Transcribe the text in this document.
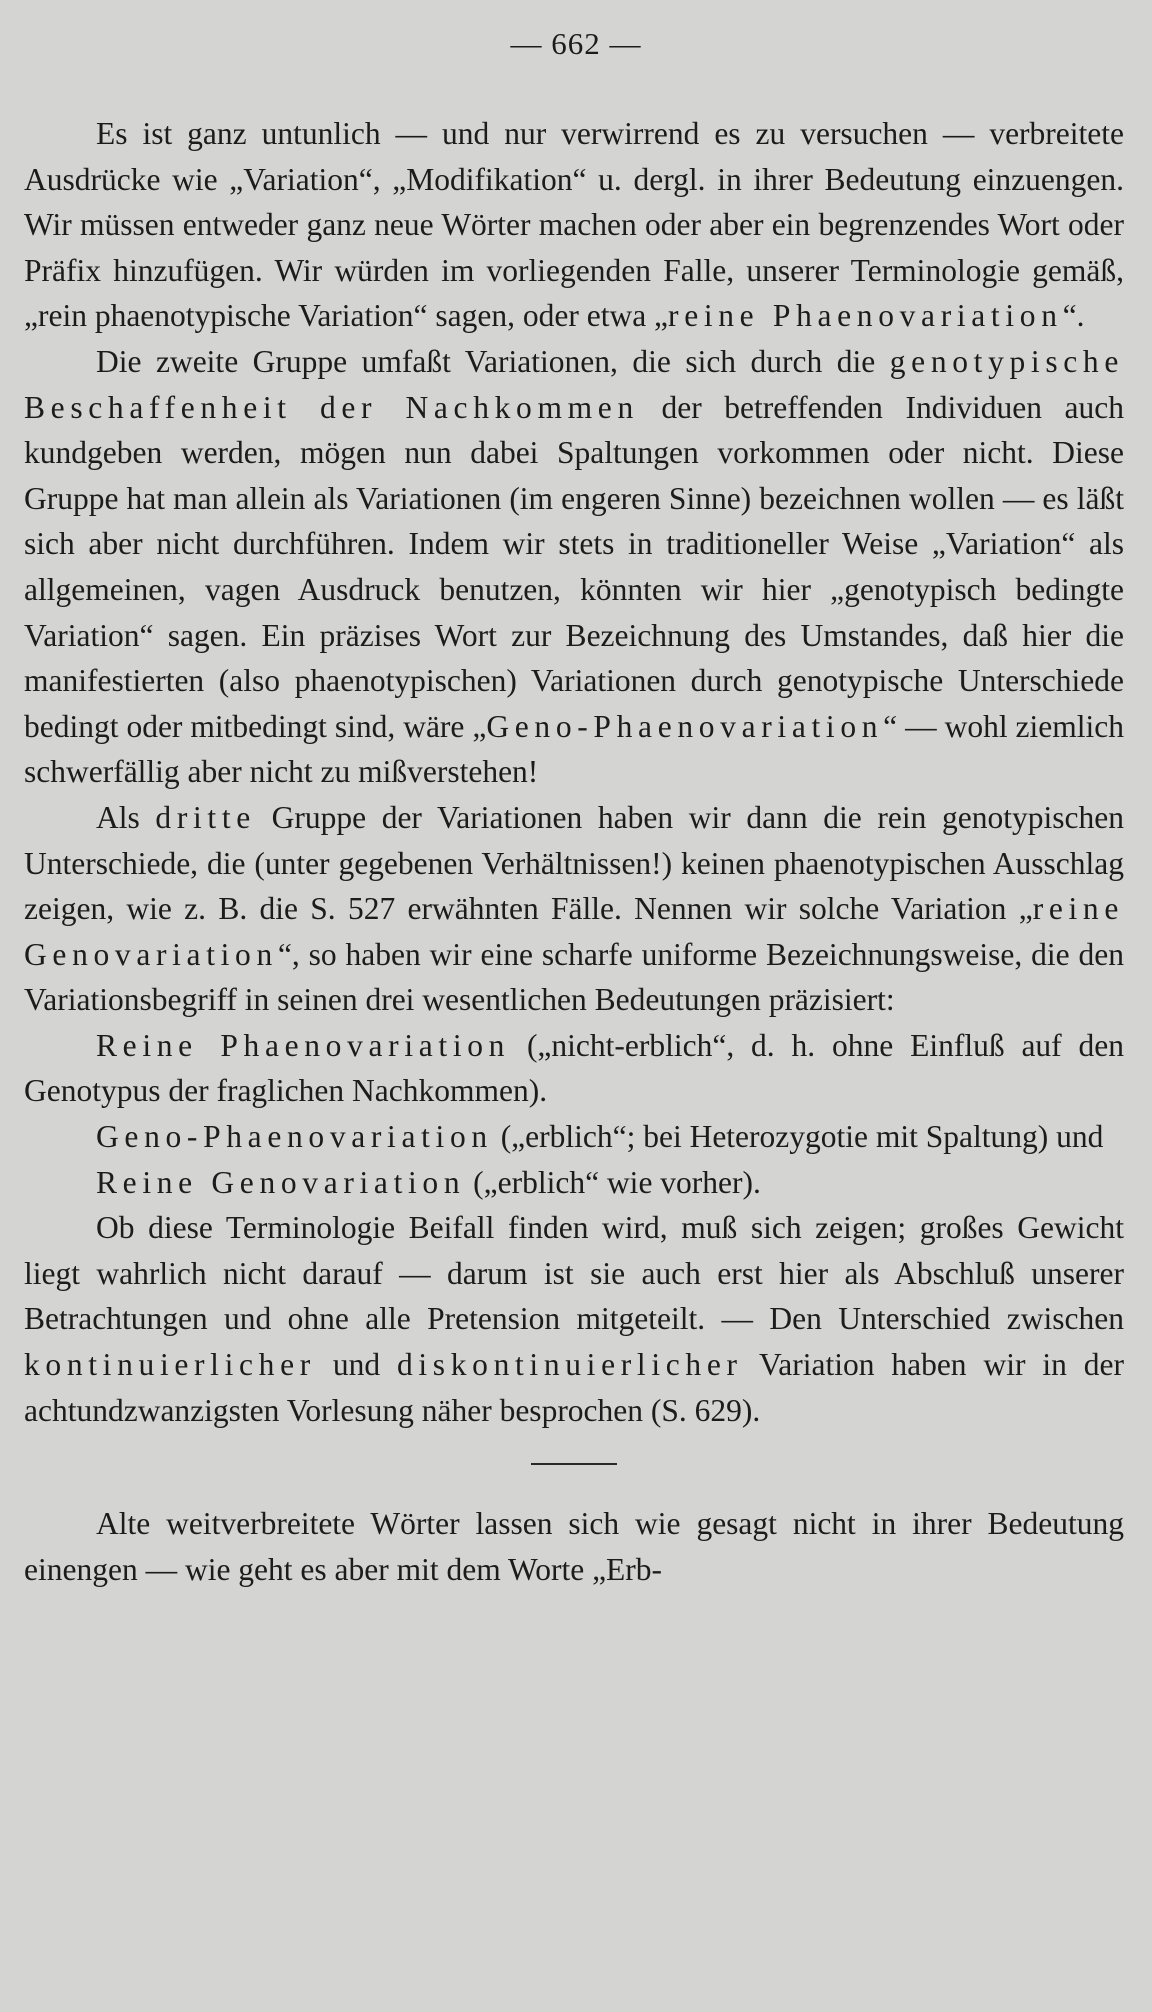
— 662 —

Es ist ganz untunlich — und nur verwirrend es zu versuchen — verbreitete Ausdrücke wie „Variation“, „Modifikation“ u. dergl. in ihrer Bedeutung einzuengen. Wir müssen entweder ganz neue Wörter machen oder aber ein begrenzendes Wort oder Präfix hinzufügen. Wir würden im vorliegenden Falle, unserer Terminologie gemäß, „rein phaenotypische Variation“ sagen, oder etwa „reine Phaenovariation“.

Die zweite Gruppe umfaßt Variationen, die sich durch die genotypische Beschaffenheit der Nachkommen der betreffenden Individuen auch kundgeben werden, mögen nun dabei Spaltungen vorkommen oder nicht. Diese Gruppe hat man allein als Variationen (im engeren Sinne) bezeichnen wollen — es läßt sich aber nicht durchführen. Indem wir stets in traditioneller Weise „Variation“ als allgemeinen, vagen Ausdruck benutzen, könnten wir hier „genotypisch bedingte Variation“ sagen. Ein präzises Wort zur Bezeichnung des Umstandes, daß hier die manifestierten (also phaenotypischen) Variationen durch genotypische Unterschiede bedingt oder mitbedingt sind, wäre „Geno-Phaenovariation“ — wohl ziemlich schwerfällig aber nicht zu mißverstehen!

Als dritte Gruppe der Variationen haben wir dann die rein genotypischen Unterschiede, die (unter gegebenen Verhältnissen!) keinen phaenotypischen Ausschlag zeigen, wie z. B. die S. 527 erwähnten Fälle. Nennen wir solche Variation „reine Genovariation“, so haben wir eine scharfe uniforme Bezeichnungsweise, die den Variationsbegriff in seinen drei wesentlichen Bedeutungen präzisiert:

Reine Phaenovariation („nicht-erblich“, d. h. ohne Einfluß auf den Genotypus der fraglichen Nachkommen).

Geno-Phaenovariation („erblich“; bei Heterozygotie mit Spaltung) und

Reine Genovariation („erblich“ wie vorher).

Ob diese Terminologie Beifall finden wird, muß sich zeigen; großes Gewicht liegt wahrlich nicht darauf — darum ist sie auch erst hier als Abschluß unserer Betrachtungen und ohne alle Pretension mitgeteilt. — Den Unterschied zwischen kontinuierlicher und diskontinuierlicher Variation haben wir in der achtundzwanzigsten Vorlesung näher besprochen (S. 629).

Alte weitverbreitete Wörter lassen sich wie gesagt nicht in ihrer Bedeutung einengen — wie geht es aber mit dem Worte „Erb-
